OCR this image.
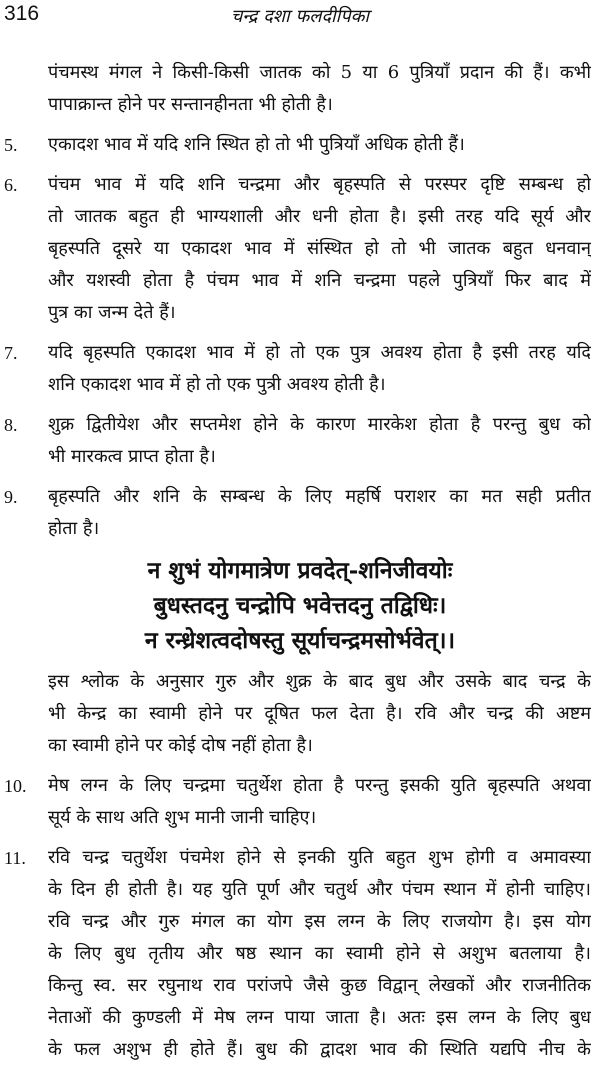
316	चन्द्र दशा फलदीपिका
पंचमस्थ मंगल ने किसी-किसी जातक को 5 या 6 पुत्रियाँ प्रदान की हैं। कभी
पापाक्रान्त होने पर सन्तानहीनता भी होती है।
5. एकादश भाव में यदि शनि स्थित हो तो भी पुत्रियाँ अधिक होती हैं।
6. पंचम भाव में यदि शनि चन्द्रमा और बृहस्पति से परस्पर दृष्टि सम्बन्ध हो
तो जातक बहुत ही भाग्यशाली और धनी होता है। इसी तरह यदि सूर्य और
बृहस्पति दूसरे या एकादश भाव में संस्थित हो तो भी जातक बहुत धनवान्
और यशस्वी होता है पंचम भाव में शनि चन्द्रमा पहले पुत्रियाँ फिर बाद में
पुत्र का जन्म देते हैं।
7. यदि बृहस्पति एकादश भाव में हो तो एक पुत्र अवश्य होता है इसी तरह यदि
शनि एकादश भाव में हो तो एक पुत्री अवश्य होती है।
8. शुक्र द्वितीयेश और सप्तमेश होने के कारण मारकेश होता है परन्तु बुध को
भी मारकत्व प्राप्त होता है।
9. बृहस्पति और शनि के सम्बन्ध के लिए महर्षि पराशर का मत सही प्रतीत
होता है।
न शुभं योगमात्रेण प्रवदेत्-शनिजीवयोः
बुधस्तदनु चन्द्रोपि भवेत्तदनु तद्विधिः।
न रन्ध्रेशत्वदोषस्तु सूर्याचन्द्रमसोर्भवेत्।।
इस श्लोक के अनुसार गुरु और शुक्र के बाद बुध और उसके बाद चन्द्र के
भी केन्द्र का स्वामी होने पर दूषित फल देता है। रवि और चन्द्र की अष्टम
का स्वामी होने पर कोई दोष नहीं होता है।
10. मेष लग्न के लिए चन्द्रमा चतुर्थेश होता है परन्तु इसकी युति बृहस्पति अथवा
सूर्य के साथ अति शुभ मानी जानी चाहिए।
11. रवि चन्द्र चतुर्थेश पंचमेश होने से इनकी युति बहुत शुभ होगी व अमावस्या
के दिन ही होती है। यह युति पूर्ण और चतुर्थ और पंचम स्थान में होनी चाहिए।
रवि चन्द्र और गुरु मंगल का योग इस लग्न के लिए राजयोग है। इस योग
के लिए बुध तृतीय और षष्ठ स्थान का स्वामी होने से अशुभ बतलाया है।
किन्तु स्व. सर रघुनाथ राव परांजपे जैसे कुछ विद्वान् लेखकों और राजनीतिक
नेताओं की कुण्डली में मेष लग्न पाया जाता है। अतः इस लग्न के लिए बुध
के फल अशुभ ही होते हैं। बुध की द्वादश भाव की स्थिति यद्यपि नीच के
